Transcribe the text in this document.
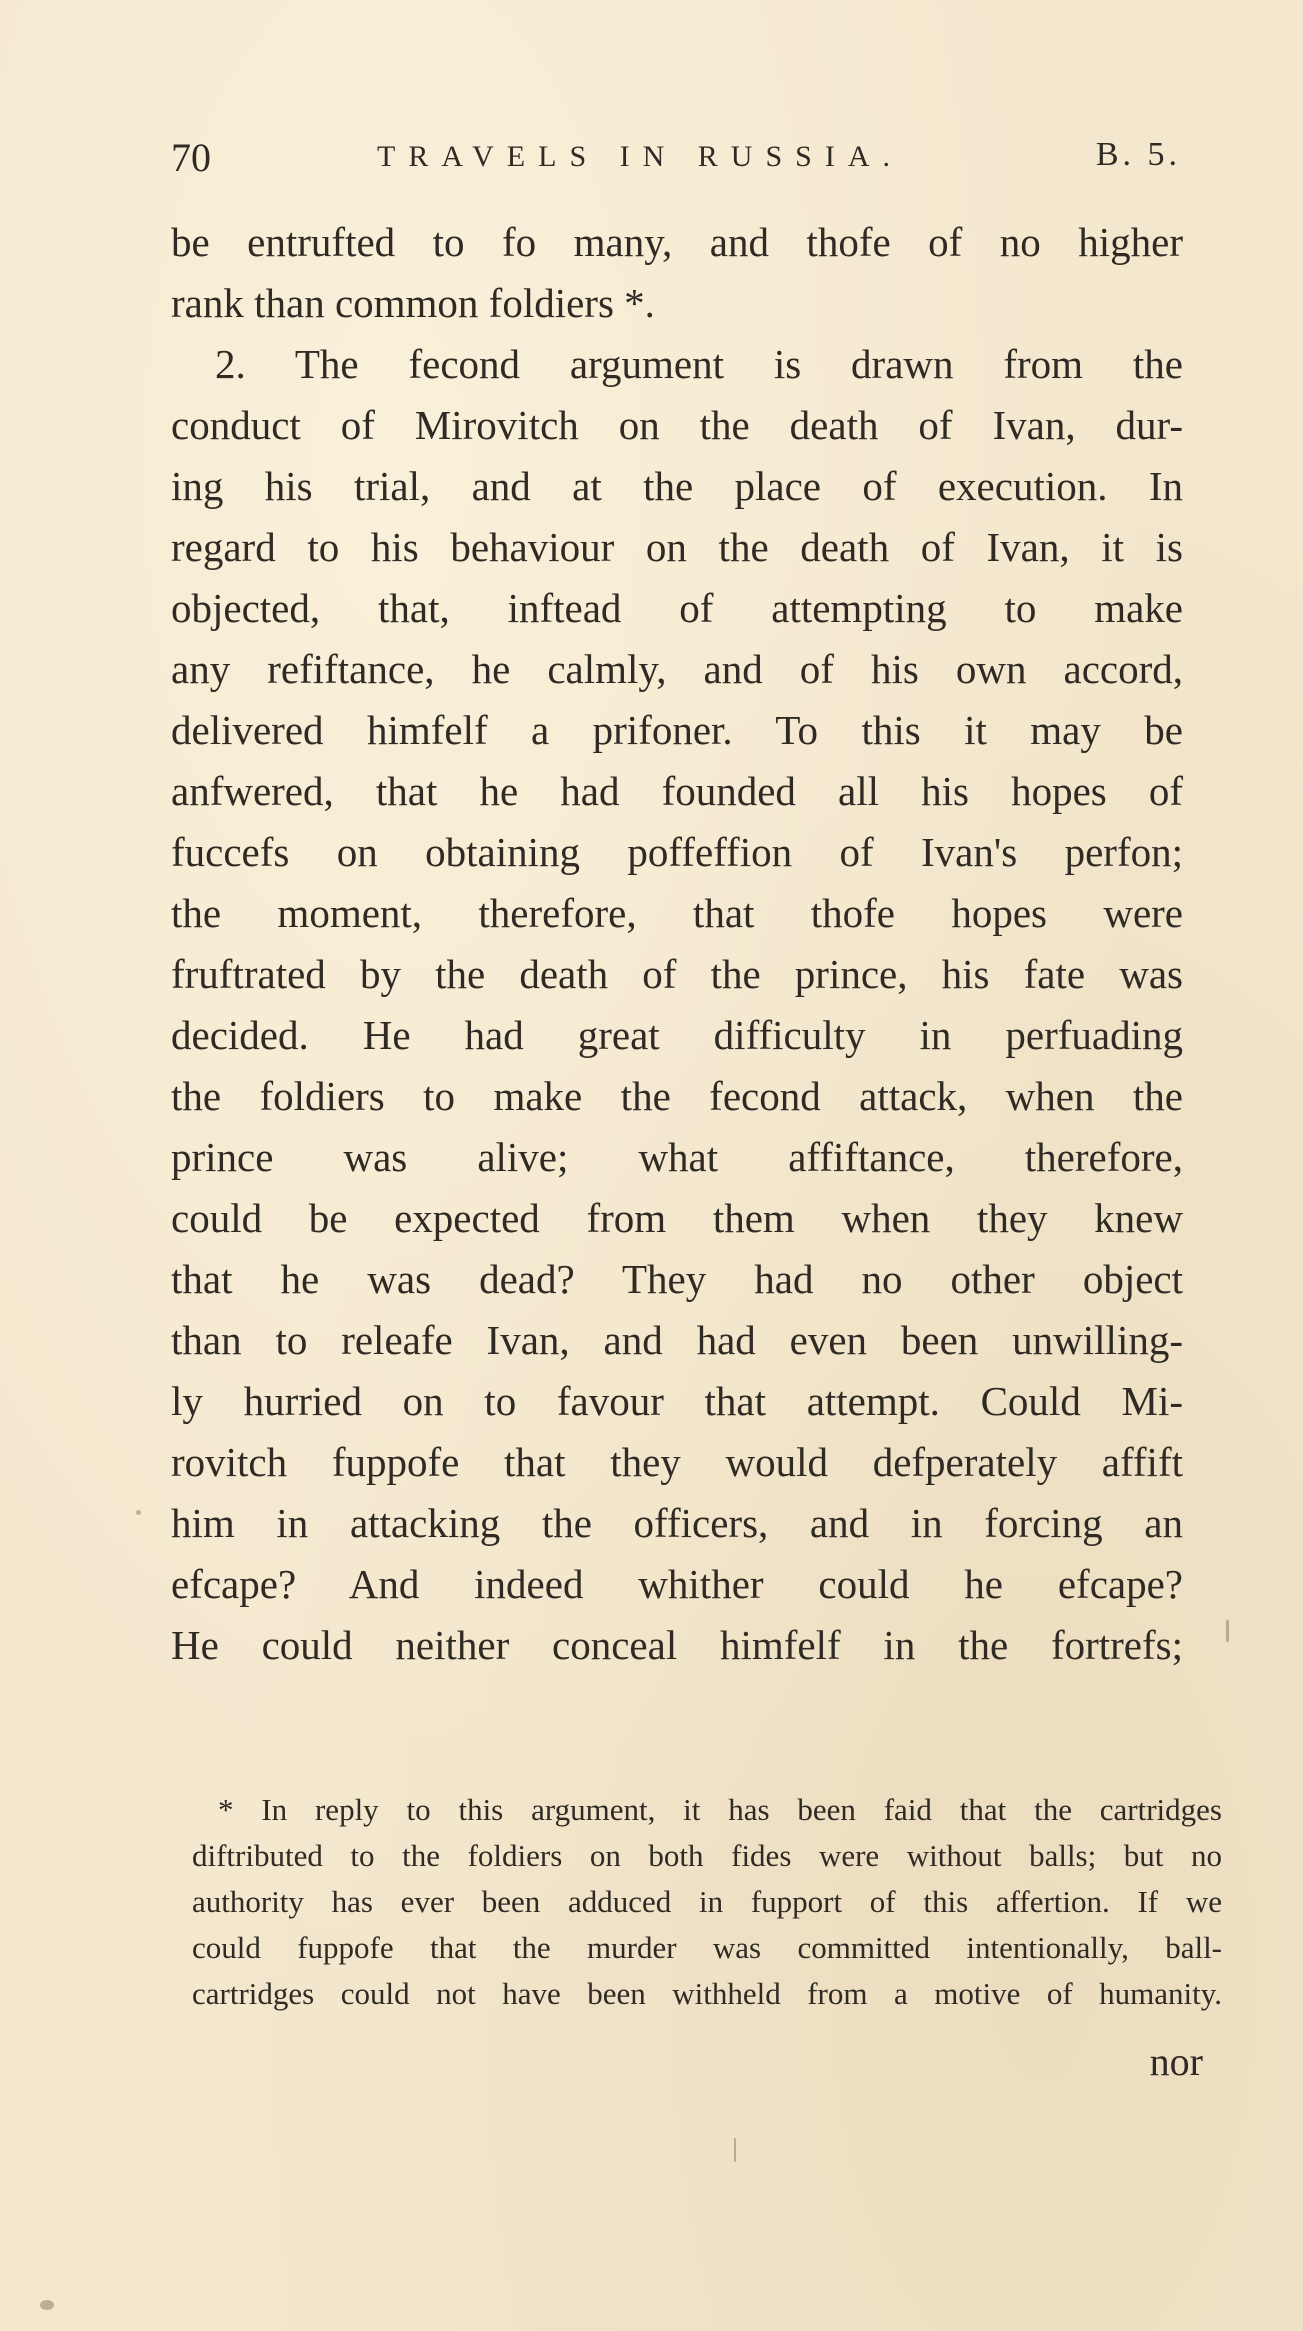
70	TRAVELS IN RUSSIA.	B. 5.
be entrufted to fo many, and thofe of no higher
rank than common foldiers *.
2. The fecond argument is drawn from the
conduct of Mirovitch on the death of Ivan, dur-
ing his trial, and at the place of execution. In
regard to his behaviour on the death of Ivan, it is
objected, that, inftead of attempting to make
any refiftance, he calmly, and of his own accord,
delivered himfelf a prifoner. To this it may be
anfwered, that he had founded all his hopes of
fuccefs on obtaining poffeffion of Ivan's perfon;
the moment, therefore, that thofe hopes were
fruftrated by the death of the prince, his fate was
decided. He had great difficulty in perfuading
the foldiers to make the fecond attack, when the
prince was alive; what affiftance, therefore,
could be expected from them when they knew
that he was dead? They had no other object
than to releafe Ivan, and had even been unwilling-
ly hurried on to favour that attempt. Could Mi-
rovitch fuppofe that they would defperately affift
him in attacking the officers, and in forcing an
efcape? And indeed whither could he efcape?
He could neither conceal himfelf in the fortrefs;
* In reply to this argument, it has been faid that the cartridges
diftributed to the foldiers on both fides were without balls; but no
authority has ever been adduced in fupport of this affertion. If we
could fuppofe that the murder was committed intentionally, ball-
cartridges could not have been withheld from a motive of humanity.
nor
